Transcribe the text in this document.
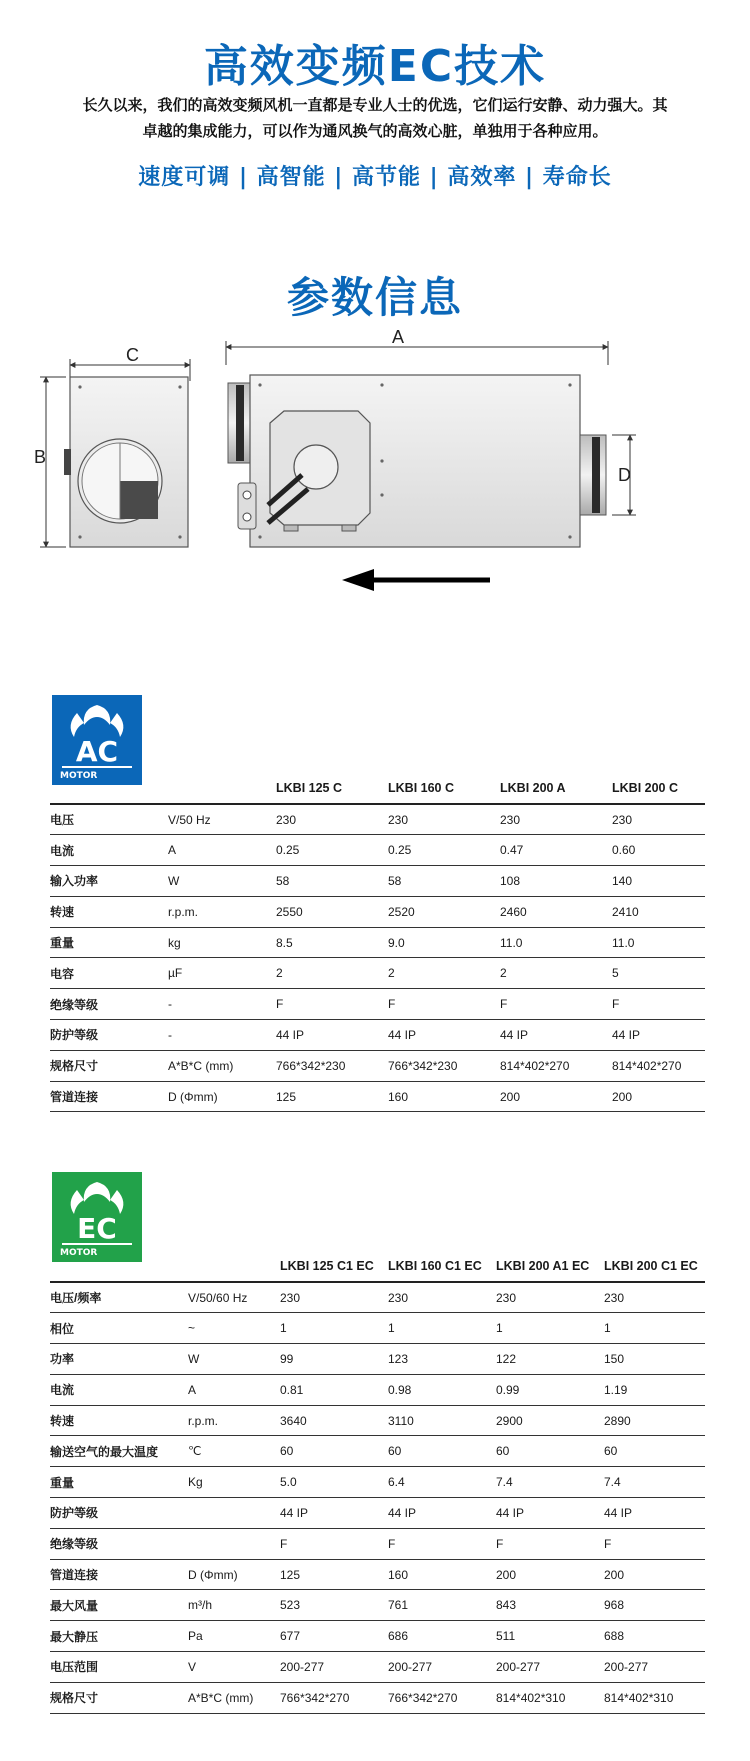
高效变频EC技术
长久以来，我们的高效变频风机一直都是专业人士的优选，它们运行安静、动力强大。其
卓越的集成能力，可以作为通风换气的高效心脏，单独用于各种应用。
速度可调 | 高智能 | 高节能 | 高效率 | 寿命长
参数信息
C
B
A
D
AC
MOTOR
		LKBI 125 C	LKBI 160 C	LKBI 200 A	LKBI 200 C
电压	V/50 Hz	230	230	230	230
电流	A	0.25	0.25	0.47	0.60
输入功率	W	58	58	108	140
转速	r.p.m.	2550	2520	2460	2410
重量	kg	8.5	9.0	11.0	11.0
电容	µF	2	2	2	5
绝缘等级	-	F	F	F	F
防护等级	-	44 IP	44 IP	44 IP	44 IP
规格尺寸	A*B*C (mm)	766*342*230	766*342*230	814*402*270	814*402*270
管道连接	D (Φmm)	125	160	200	200
EC
MOTOR
		LKBI 125 C1 EC	LKBI 160 C1 EC	LKBI 200 A1 EC	LKBI 200 C1 EC
电压/频率	V/50/60 Hz	230	230	230	230
相位	~	1	1	1	1
功率	W	99	123	122	150
电流	A	0.81	0.98	0.99	1.19
转速	r.p.m.	3640	3110	2900	2890
输送空气的最大温度	℃	60	60	60	60
重量	Kg	5.0	6.4	7.4	7.4
防护等级		44 IP	44 IP	44 IP	44 IP
绝缘等级		F	F	F	F
管道连接	D (Φmm)	125	160	200	200
最大风量	m³/h	523	761	843	968
最大静压	Pa	677	686	511	688
电压范围	V	200-277	200-277	200-277	200-277
规格尺寸	A*B*C (mm)	766*342*270	766*342*270	814*402*310	814*402*310
